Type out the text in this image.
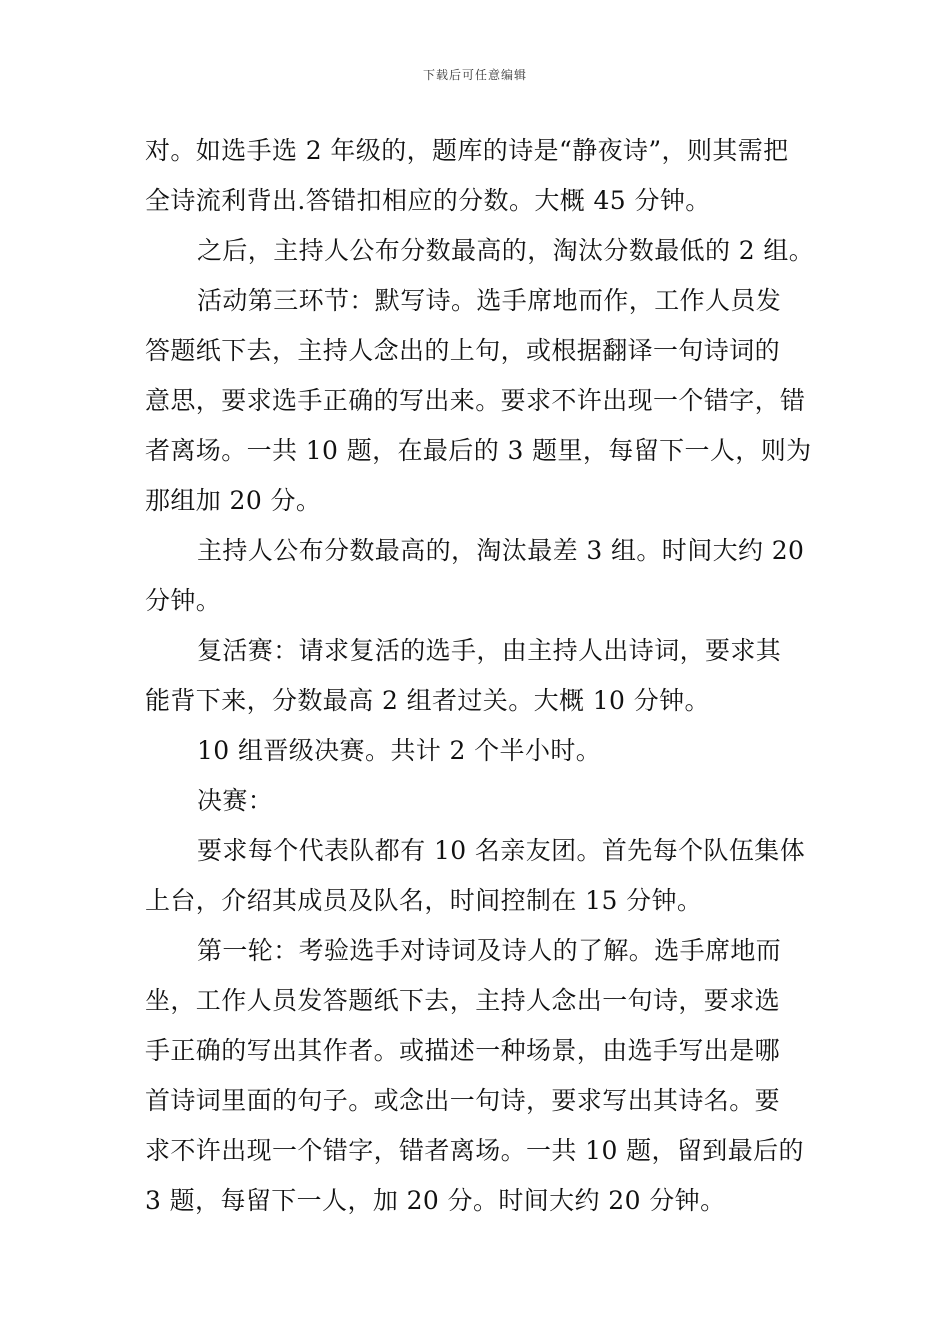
下载后可任意编辑
对。如选手选 2 年级的，题库的诗是“静夜诗”，则其需把
全诗流利背出.答错扣相应的分数。大概 45 分钟。
之后，主持人公布分数最高的，淘汰分数最低的 2 组。
活动第三环节：默写诗。选手席地而作，工作人员发
答题纸下去，主持人念出的上句，或根据翻译一句诗词的
意思，要求选手正确的写出来。要求不许出现一个错字，错
者离场。一共 10 题，在最后的 3 题里，每留下一人，则为
那组加 20 分。
主持人公布分数最高的，淘汰最差 3 组。时间大约 20
分钟。
复活赛：请求复活的选手，由主持人出诗词，要求其
能背下来，分数最高 2 组者过关。大概 10 分钟。
10 组晋级决赛。共计 2 个半小时。
决赛：
要求每个代表队都有 10 名亲友团。首先每个队伍集体
上台，介绍其成员及队名，时间控制在 15 分钟。
第一轮：考验选手对诗词及诗人的了解。选手席地而
坐，工作人员发答题纸下去，主持人念出一句诗，要求选
手正确的写出其作者。或描述一种场景，由选手写出是哪
首诗词里面的句子。或念出一句诗，要求写出其诗名。要
求不许出现一个错字，错者离场。一共 10 题，留到最后的
3 题，每留下一人，加 20 分。时间大约 20 分钟。
